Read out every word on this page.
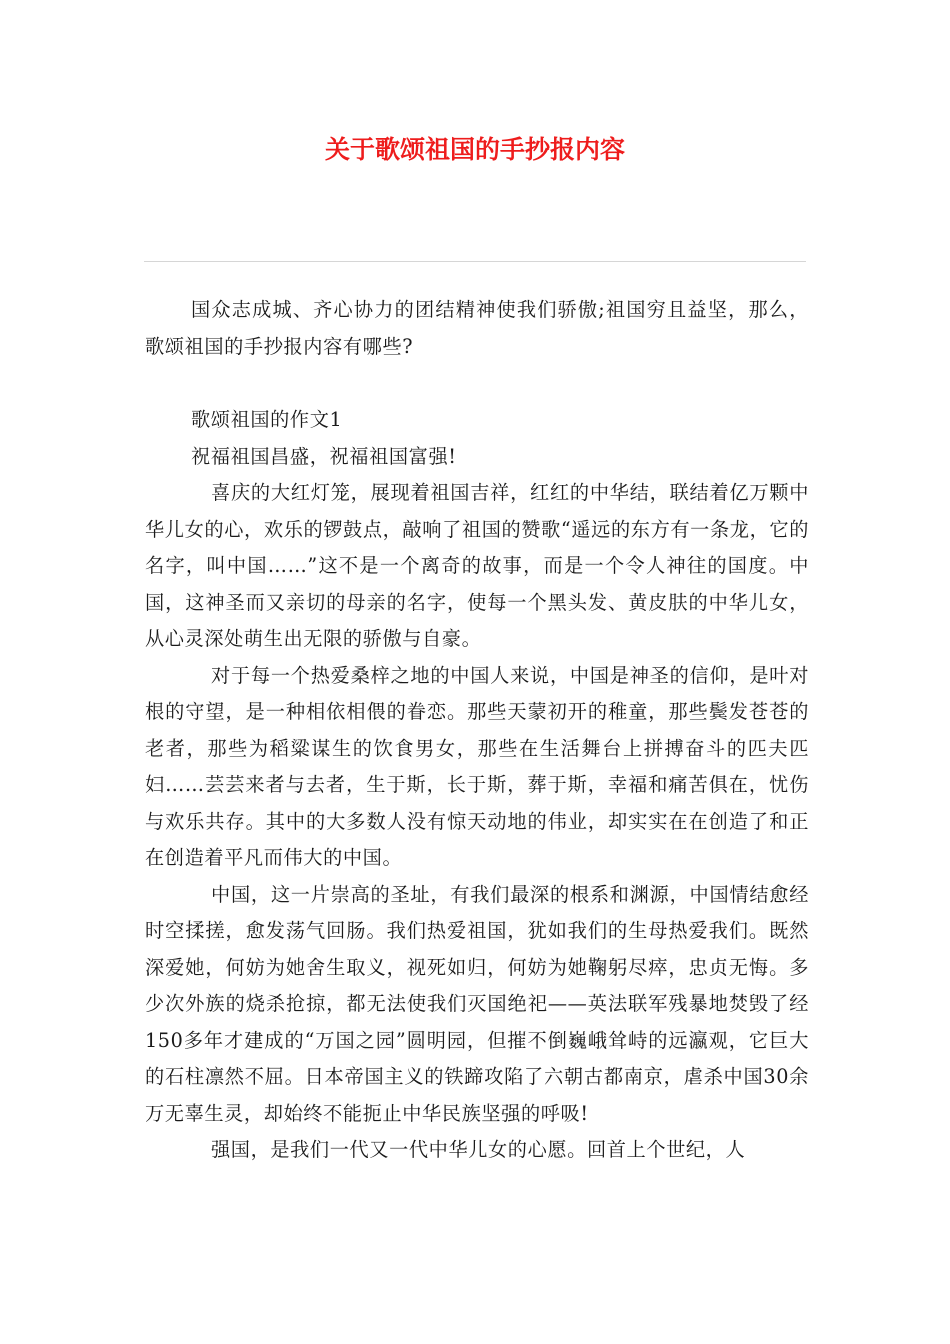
关于歌颂祖国的手抄报内容

国众志成城、齐心协力的团结精神使我们骄傲;祖国穷且益坚，那么，歌颂祖国的手抄报内容有哪些?

歌颂祖国的作文1

祝福祖国昌盛，祝福祖国富强!

喜庆的大红灯笼，展现着祖国吉祥，红红的中华结，联结着亿万颗中华儿女的心，欢乐的锣鼓点，敲响了祖国的赞歌“遥远的东方有一条龙，它的名字，叫中国……”这不是一个离奇的故事，而是一个令人神往的国度。中国，这神圣而又亲切的母亲的名字，使每一个黑头发、黄皮肤的中华儿女，从心灵深处萌生出无限的骄傲与自豪。

对于每一个热爱桑梓之地的中国人来说，中国是神圣的信仰，是叶对根的守望，是一种相依相偎的眷恋。那些天蒙初开的稚童，那些鬓发苍苍的老者，那些为稻粱谋生的饮食男女，那些在生活舞台上拼搏奋斗的匹夫匹妇……芸芸来者与去者，生于斯，长于斯，葬于斯，幸福和痛苦俱在，忧伤与欢乐共存。其中的大多数人没有惊天动地的伟业，却实实在在创造了和正在创造着平凡而伟大的中国。

中国，这一片崇高的圣址，有我们最深的根系和渊源，中国情结愈经时空揉搓，愈发荡气回肠。我们热爱祖国，犹如我们的生母热爱我们。既然深爱她，何妨为她舍生取义，视死如归，何妨为她鞠躬尽瘁，忠贞无悔。多少次外族的烧杀抢掠，都无法使我们灭国绝祀——英法联军残暴地焚毁了经150多年才建成的“万国之园”圆明园，但摧不倒巍峨耸峙的远瀛观，它巨大的石柱凛然不屈。日本帝国主义的铁蹄攻陷了六朝古都南京，虐杀中国30余万无辜生灵，却始终不能扼止中华民族坚强的呼吸!

强国，是我们一代又一代中华儿女的心愿。回首上个世纪，人
